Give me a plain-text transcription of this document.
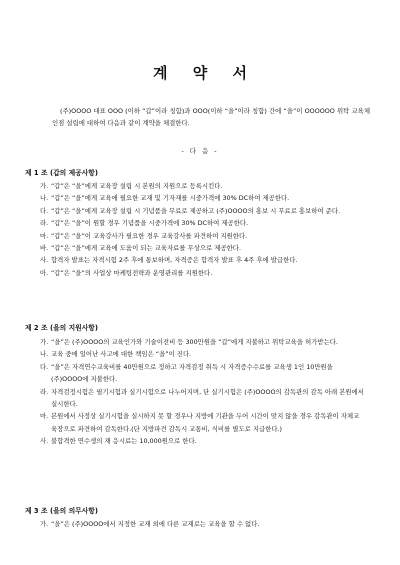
계 약 서
(주)OOOO 대표 OOO (이하 “갑”이라 칭함)과 OOO(이하 “을”이라 칭함) 간에 “을”이 OOOOOO 위탁 교육체인점 설립에 대하여 다음과 같이 계약을 체결한다.
- 다 음 -
제 1 조 (갑의 제공사항)
가. “갑”은 “을”에게 교육장 설립 시 본원의 지원으로 등록시킨다.
나. “갑”은 “을”에게 교육에 필요한 교재 및 기자재를 시중가격에 30% DC하여 제공한다.
다. “갑”은 “을”에게 교육장 설립 시 기념품을 무료로 제공하고 (주)OOOO의 홍보 시 무료로 홍보하여 준다.
라. “갑”은 “을”이 원할 경우 기념품을 시중가격에 30% DC하여 제공한다.
마. “갑”은 “을”이 교육강사가 필요한 경우 교육강사를 파견하여 지원한다.
바. “갑”은 “을”에게 교육에 도움이 되는 교육자료를 무상으로 제공한다.
사. 합격자 발표는 자격시험 2주 후에 통보하며, 자격증은 합격자 발표 후 4주 후에 발급한다.
아. “갑”은 “을”의 사업상 마케팅전략과 운영관리를 지원한다.
제 2 조 (을의 지원사항)
가. “을”은 (주)OOOO의 교육인가와 기술이전비 등 300만원을 “갑”에게 지불하고 위탁교육을 허가받는다.
나. 교육 중에 일어난 사고에 대한 책임은 “을”이 진다.
다. “을”은 자격연수교육비를 40만원으로 정하고 자격검정 취득 시 자격증수수료를 교육생 1인 10만원을 (주)OOOO에 지불한다.
라. 자격검정시험은 필기시험과 실기시험으로 나누어지며, 단 실기시험은 (주)OOOO의 감독관의 감독 아래 본원에서 실시한다.
마. 본원에서 사정상 실기시험을 실시하지 못 할 경우나 지방에 기관을 두어 시간이 맞지 않을 경우 감독관이 자체교육장으로 파견하여 감독한다.(단 지방파견 감독시 교통비, 식비를 별도로 지급한다.)
사. 불합격한 연수생의 재 응시료는 10,000원으로 한다.
제 3 조 (을의 의무사항)
가. “을”은 (주)OOOO에서 지정한 교재 외에 다른 교재로는 교육을 할 수 없다.
